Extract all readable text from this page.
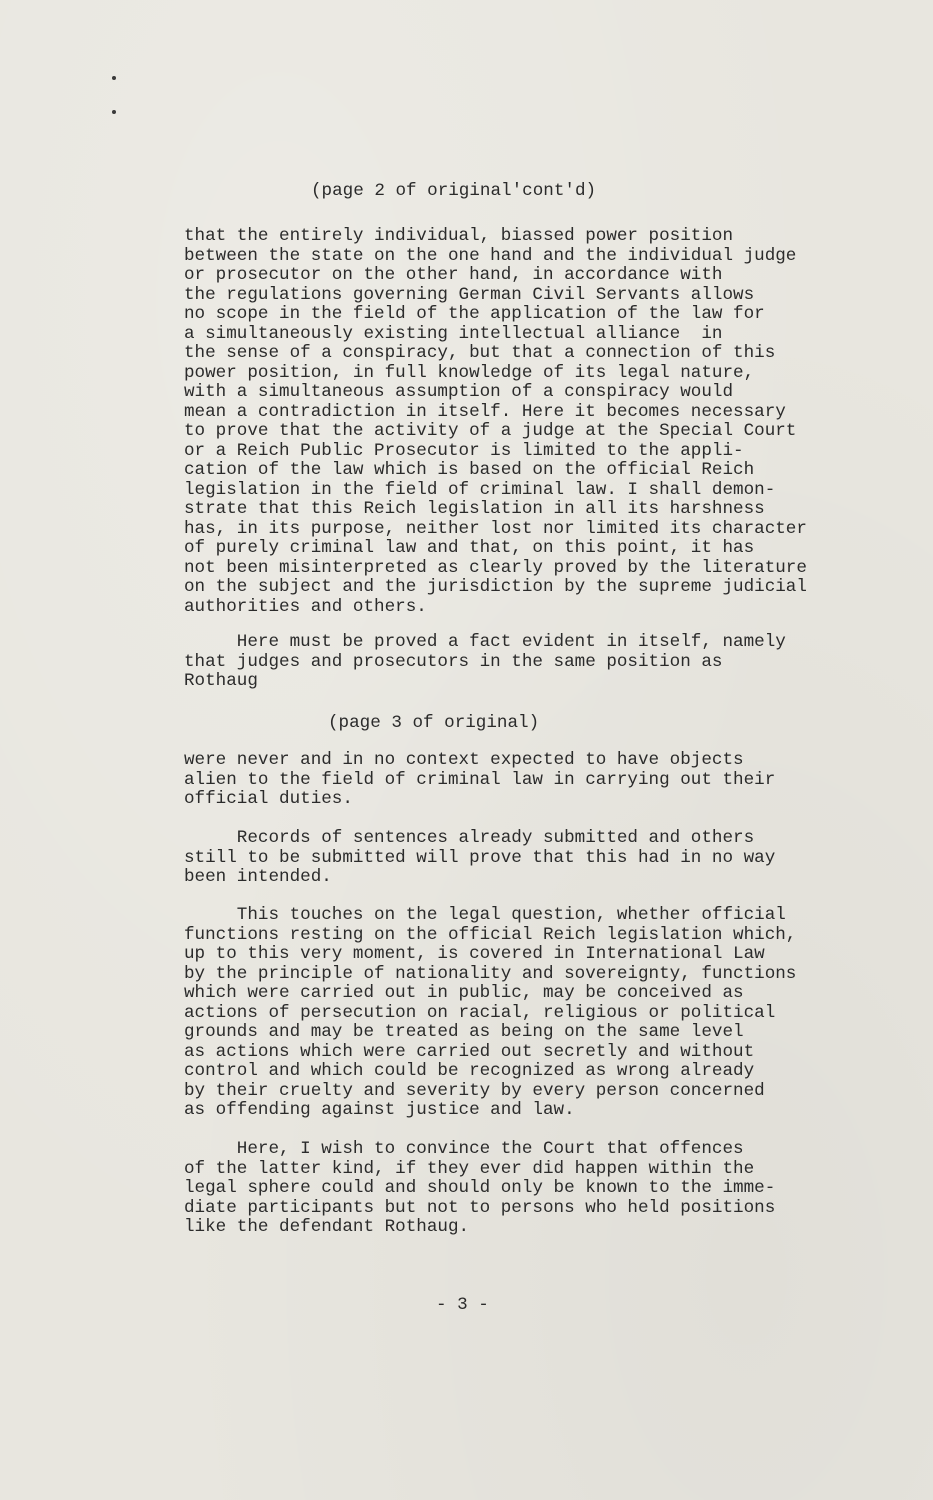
(page 2 of original'cont'd)
that the entirely individual, biassed power position
between the state on the one hand and the individual judge
or prosecutor on the other hand, in accordance with
the regulations governing German Civil Servants allows
no scope in the field of the application of the law for
a simultaneously existing intellectual alliance  in
the sense of a conspiracy, but that a connection of this
power position, in full knowledge of its legal nature,
with a simultaneous assumption of a conspiracy would
mean a contradiction in itself. Here it becomes necessary
to prove that the activity of a judge at the Special Court
or a Reich Public Prosecutor is limited to the appli-
cation of the law which is based on the official Reich
legislation in the field of criminal law. I shall demon-
strate that this Reich legislation in all its harshness
has, in its purpose, neither lost nor limited its character
of purely criminal law and that, on this point, it has
not been misinterpreted as clearly proved by the literature
on the subject and the jurisdiction by the supreme judicial
authorities and others.
Here must be proved a fact evident in itself, namely
that judges and prosecutors in the same position as
Rothaug
(page 3 of original)
were never and in no context expected to have objects
alien to the field of criminal law in carrying out their
official duties.
Records of sentences already submitted and others
still to be submitted will prove that this had in no way
been intended.
This touches on the legal question, whether official
functions resting on the official Reich legislation which,
up to this very moment, is covered in International Law
by the principle of nationality and sovereignty, functions
which were carried out in public, may be conceived as
actions of persecution on racial, religious or political
grounds and may be treated as being on the same level
as actions which were carried out secretly and without
control and which could be recognized as wrong already
by their cruelty and severity by every person concerned
as offending against justice and law.
Here, I wish to convince the Court that offences
of the latter kind, if they ever did happen within the
legal sphere could and should only be known to the imme-
diate participants but not to persons who held positions
like the defendant Rothaug.
- 3 -
